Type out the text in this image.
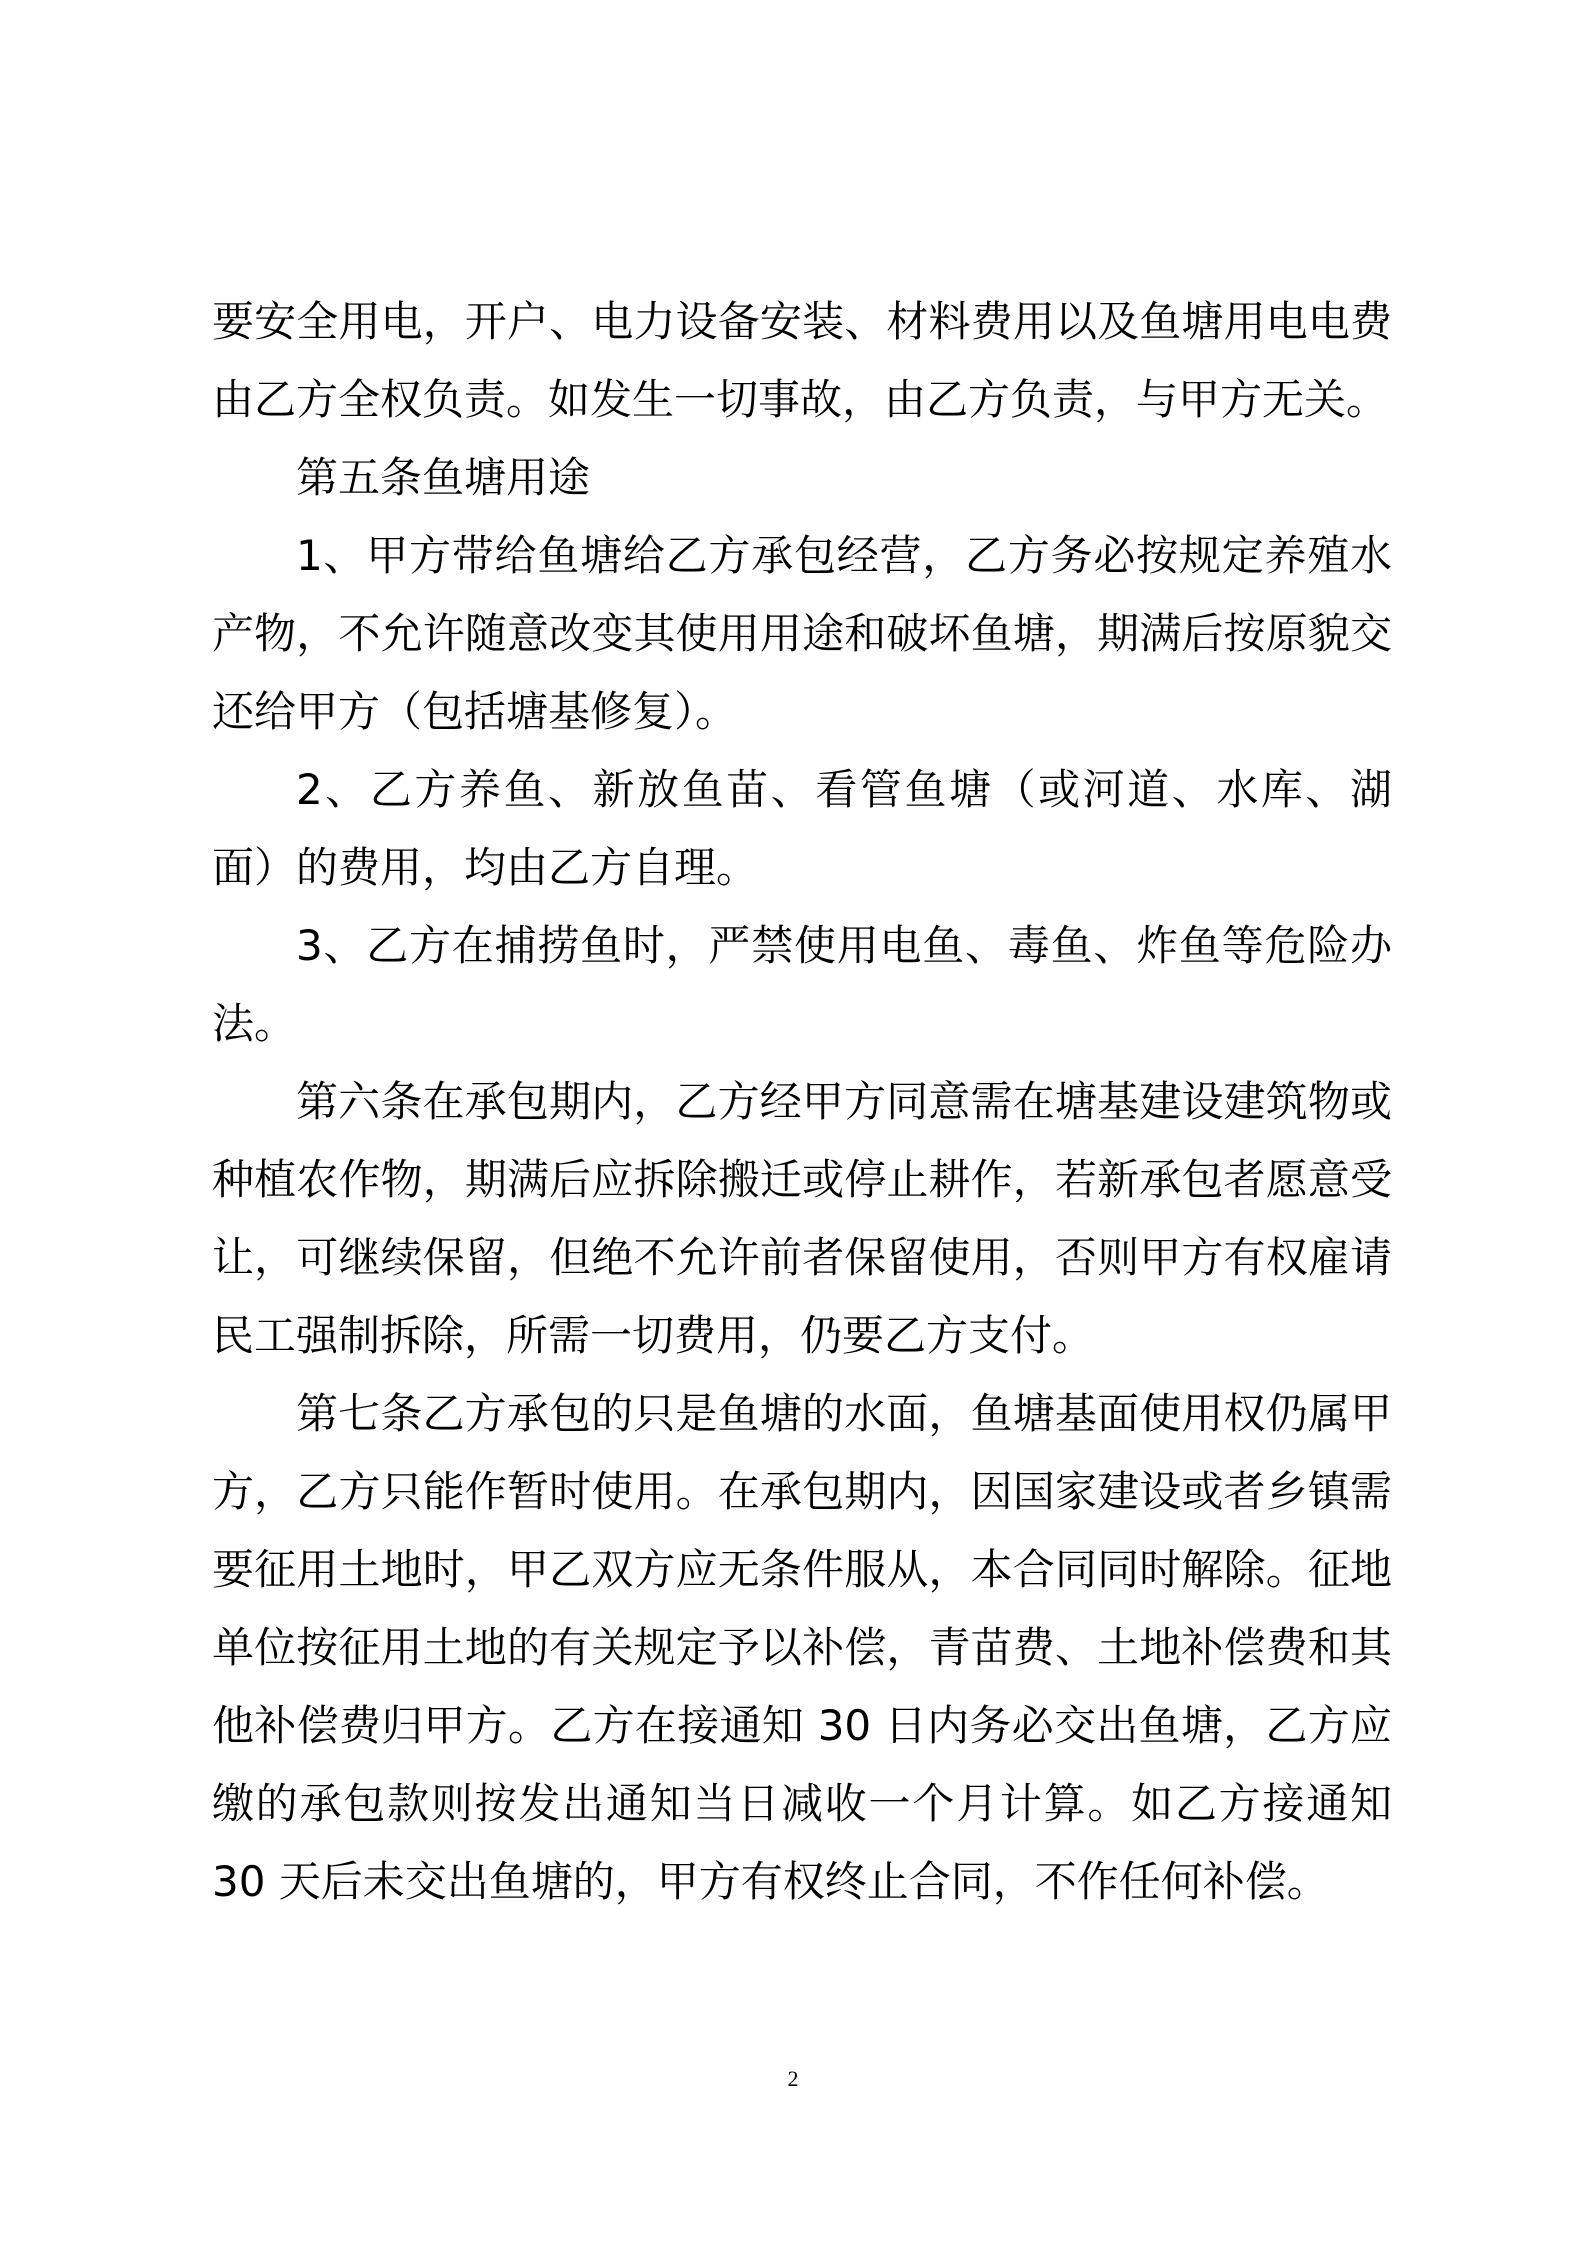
要安全用电，开户、电力设备安装、材料费用以及鱼塘用电电费由乙方全权负责。如发生一切事故，由乙方负责，与甲方无关。

第五条鱼塘用途

1、甲方带给鱼塘给乙方承包经营，乙方务必按规定养殖水产物，不允许随意改变其使用用途和破坏鱼塘，期满后按原貌交还给甲方（包括塘基修复）。

2、乙方养鱼、新放鱼苗、看管鱼塘（或河道、水库、湖面）的费用，均由乙方自理。

3、乙方在捕捞鱼时，严禁使用电鱼、毒鱼、炸鱼等危险办法。

第六条在承包期内，乙方经甲方同意需在塘基建设建筑物或种植农作物，期满后应拆除搬迁或停止耕作，若新承包者愿意受让，可继续保留，但绝不允许前者保留使用，否则甲方有权雇请民工强制拆除，所需一切费用，仍要乙方支付。

第七条乙方承包的只是鱼塘的水面，鱼塘基面使用权仍属甲方，乙方只能作暂时使用。在承包期内，因国家建设或者乡镇需要征用土地时，甲乙双方应无条件服从，本合同同时解除。征地单位按征用土地的有关规定予以补偿，青苗费、土地补偿费和其他补偿费归甲方。乙方在接通知 30 日内务必交出鱼塘，乙方应缴的承包款则按发出通知当日减收一个月计算。如乙方接通知 30 天后未交出鱼塘的，甲方有权终止合同，不作任何补偿。

2
